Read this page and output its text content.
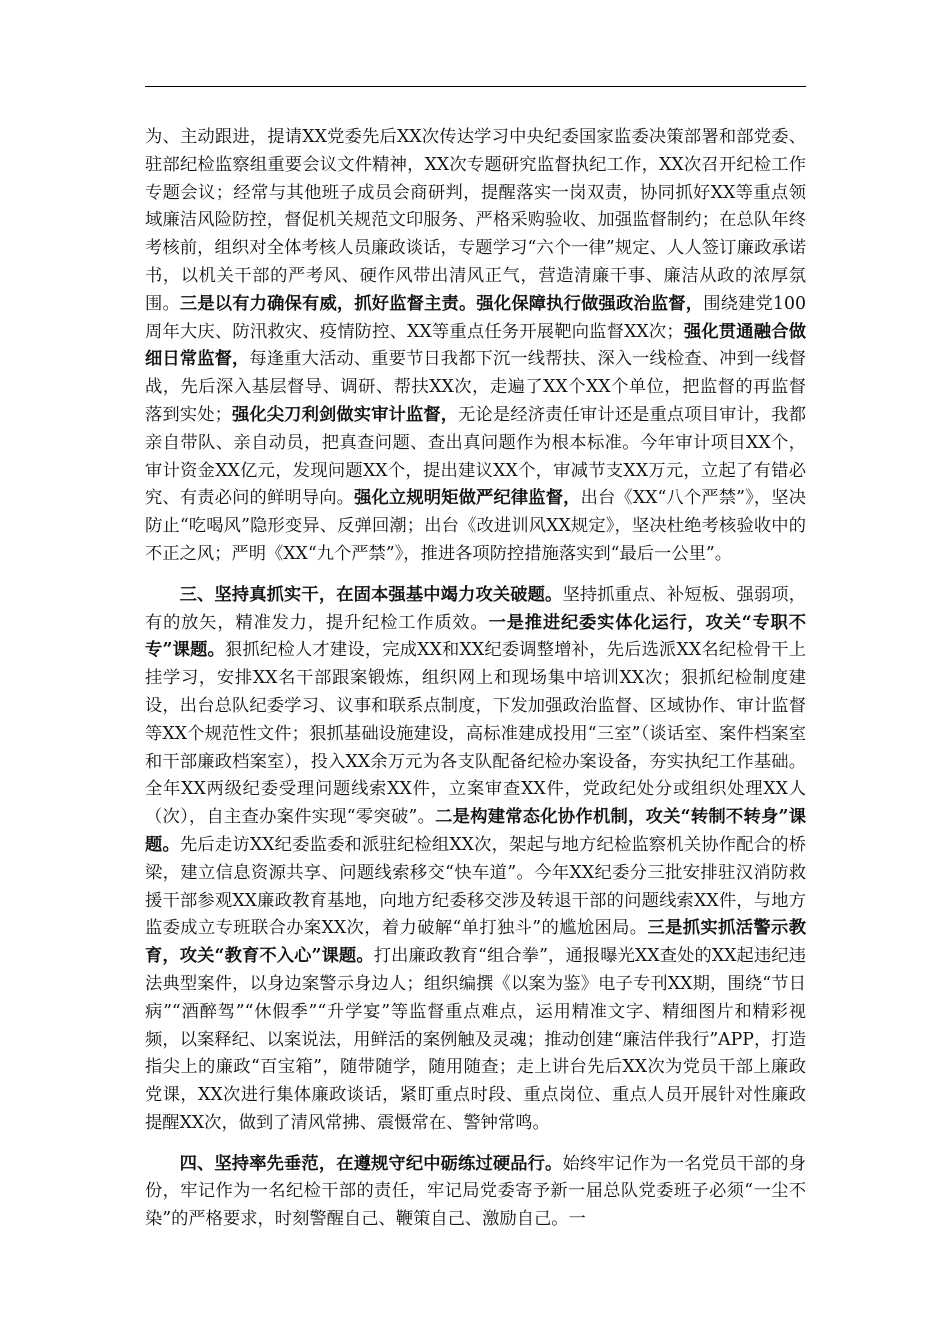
为、主动跟进，提请XX党委先后XX次传达学习中央纪委国家监委决策部署和部党委、驻部纪检监察组重要会议文件精神，XX次专题研究监督执纪工作，XX次召开纪检工作专题会议；经常与其他班子成员会商研判，提醒落实一岗双责，协同抓好XX等重点领域廉洁风险防控，督促机关规范文印服务、严格采购验收、加强监督制约；在总队年终考核前，组织对全体考核人员廉政谈话，专题学习“六个一律”规定、人人签订廉政承诺书，以机关干部的严考风、硬作风带出清风正气，营造清廉干事、廉洁从政的浓厚氛围。三是以有力确保有威，抓好监督主责。强化保障执行做强政治监督，围绕建党100周年大庆、防汛救灾、疫情防控、XX等重点任务开展靶向监督XX次；强化贯通融合做细日常监督，每逢重大活动、重要节日我都下沉一线帮扶、深入一线检查、冲到一线督战，先后深入基层督导、调研、帮扶XX次，走遍了XX个XX个单位，把监督的再监督落到实处；强化尖刀利剑做实审计监督，无论是经济责任审计还是重点项目审计，我都亲自带队、亲自动员，把真查问题、查出真问题作为根本标准。今年审计项目XX个，审计资金XX亿元，发现问题XX个，提出建议XX个，审减节支XX万元，立起了有错必究、有责必问的鲜明导向。强化立规明矩做严纪律监督，出台《XX“八个严禁”》，坚决防止“吃喝风”隐形变异、反弹回潮；出台《改进训风XX规定》，坚决杜绝考核验收中的不正之风；严明《XX“九个严禁”》，推进各项防控措施落实到“最后一公里”。

三、坚持真抓实干，在固本强基中竭力攻关破题。坚持抓重点、补短板、强弱项，有的放矢，精准发力，提升纪检工作质效。一是推进纪委实体化运行，攻关“专职不专”课题。狠抓纪检人才建设，完成XX和XX纪委调整增补，先后选派XX名纪检骨干上挂学习，安排XX名干部跟案锻炼，组织网上和现场集中培训XX次；狠抓纪检制度建设，出台总队纪委学习、议事和联系点制度，下发加强政治监督、区域协作、审计监督等XX个规范性文件；狠抓基础设施建设，高标准建成投用“三室”（谈话室、案件档案室和干部廉政档案室），投入XX余万元为各支队配备纪检办案设备，夯实执纪工作基础。全年XX两级纪委受理问题线索XX件，立案审查XX件，党政纪处分或组织处理XX人（次），自主查办案件实现“零突破”。二是构建常态化协作机制，攻关“转制不转身”课题。先后走访XX纪委监委和派驻纪检组XX次，架起与地方纪检监察机关协作配合的桥梁，建立信息资源共享、问题线索移交“快车道”。今年XX纪委分三批安排驻汉消防救援干部参观XX廉政教育基地，向地方纪委移交涉及转退干部的问题线索XX件，与地方监委成立专班联合办案XX次，着力破解“单打独斗”的尴尬困局。三是抓实抓活警示教育，攻关“教育不入心”课题。打出廉政教育“组合拳”，通报曝光XX查处的XX起违纪违法典型案件，以身边案警示身边人；组织编撰《以案为鉴》电子专刊XX期，围绕“节日病”“酒醉驾”“休假季”“升学宴”等监督重点难点，运用精准文字、精细图片和精彩视频，以案释纪、以案说法，用鲜活的案例触及灵魂；推动创建“廉洁伴我行”APP，打造指尖上的廉政“百宝箱”，随带随学，随用随查；走上讲台先后XX次为党员干部上廉政党课，XX次进行集体廉政谈话，紧盯重点时段、重点岗位、重点人员开展针对性廉政提醒XX次，做到了清风常拂、震慑常在、警钟常鸣。

四、坚持率先垂范，在遵规守纪中砺练过硬品行。始终牢记作为一名党员干部的身份，牢记作为一名纪检干部的责任，牢记局党委寄予新一届总队党委班子必须“一尘不染”的严格要求，时刻警醒自己、鞭策自己、激励自己。一
